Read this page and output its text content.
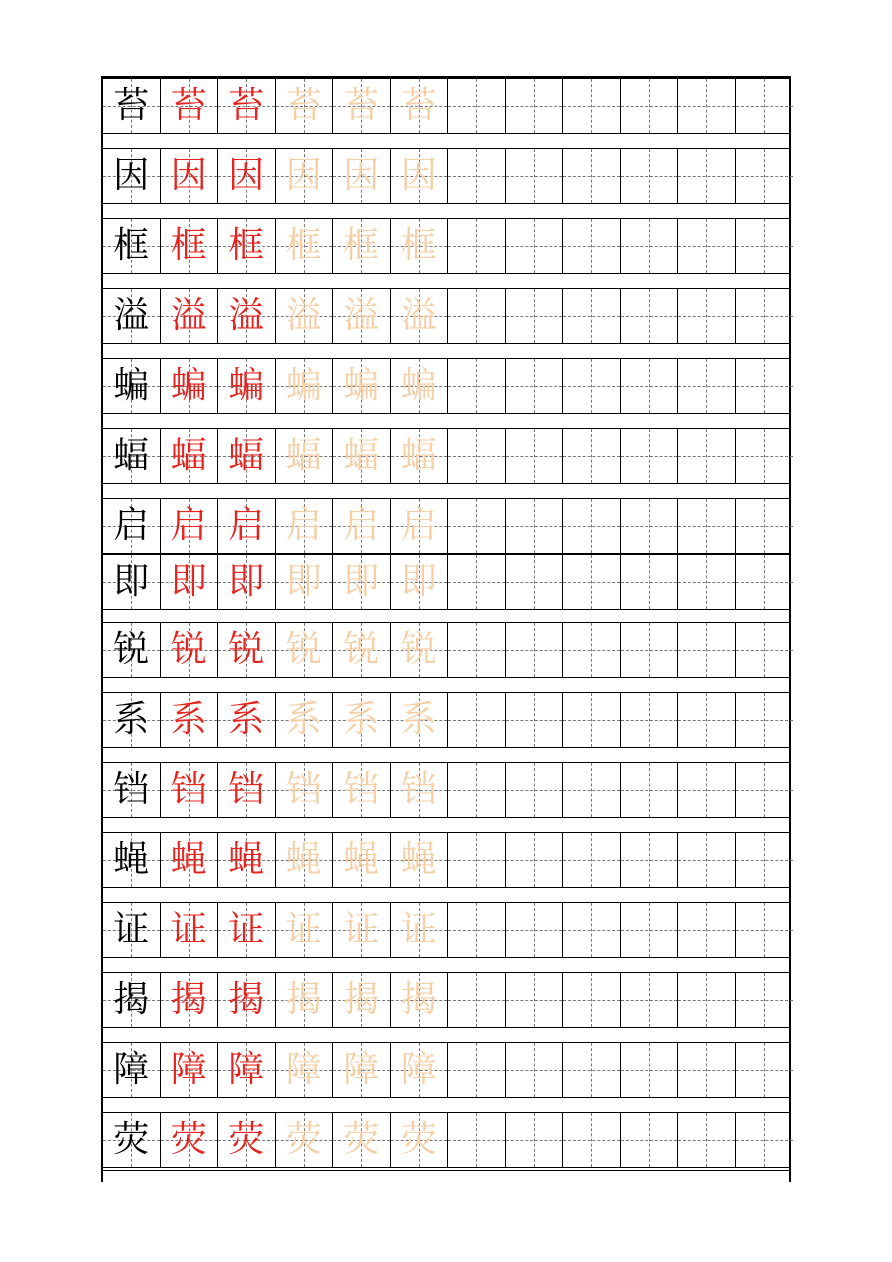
苔 苔 苔 苔 苔 苔
因 因 因 因 因 因
框 框 框 框 框 框
溢 溢 溢 溢 溢 溢
蝙 蝙 蝙 蝙 蝙 蝙
蝠 蝠 蝠 蝠 蝠 蝠
启 启 启 启 启 启
即 即 即 即 即 即
锐 锐 锐 锐 锐 锐
系 系 系 系 系 系
铛 铛 铛 铛 铛 铛
蝇 蝇 蝇 蝇 蝇 蝇
证 证 证 证 证 证
揭 揭 揭 揭 揭 揭
障 障 障 障 障 障
荧 荧 荧 荧 荧 荧
